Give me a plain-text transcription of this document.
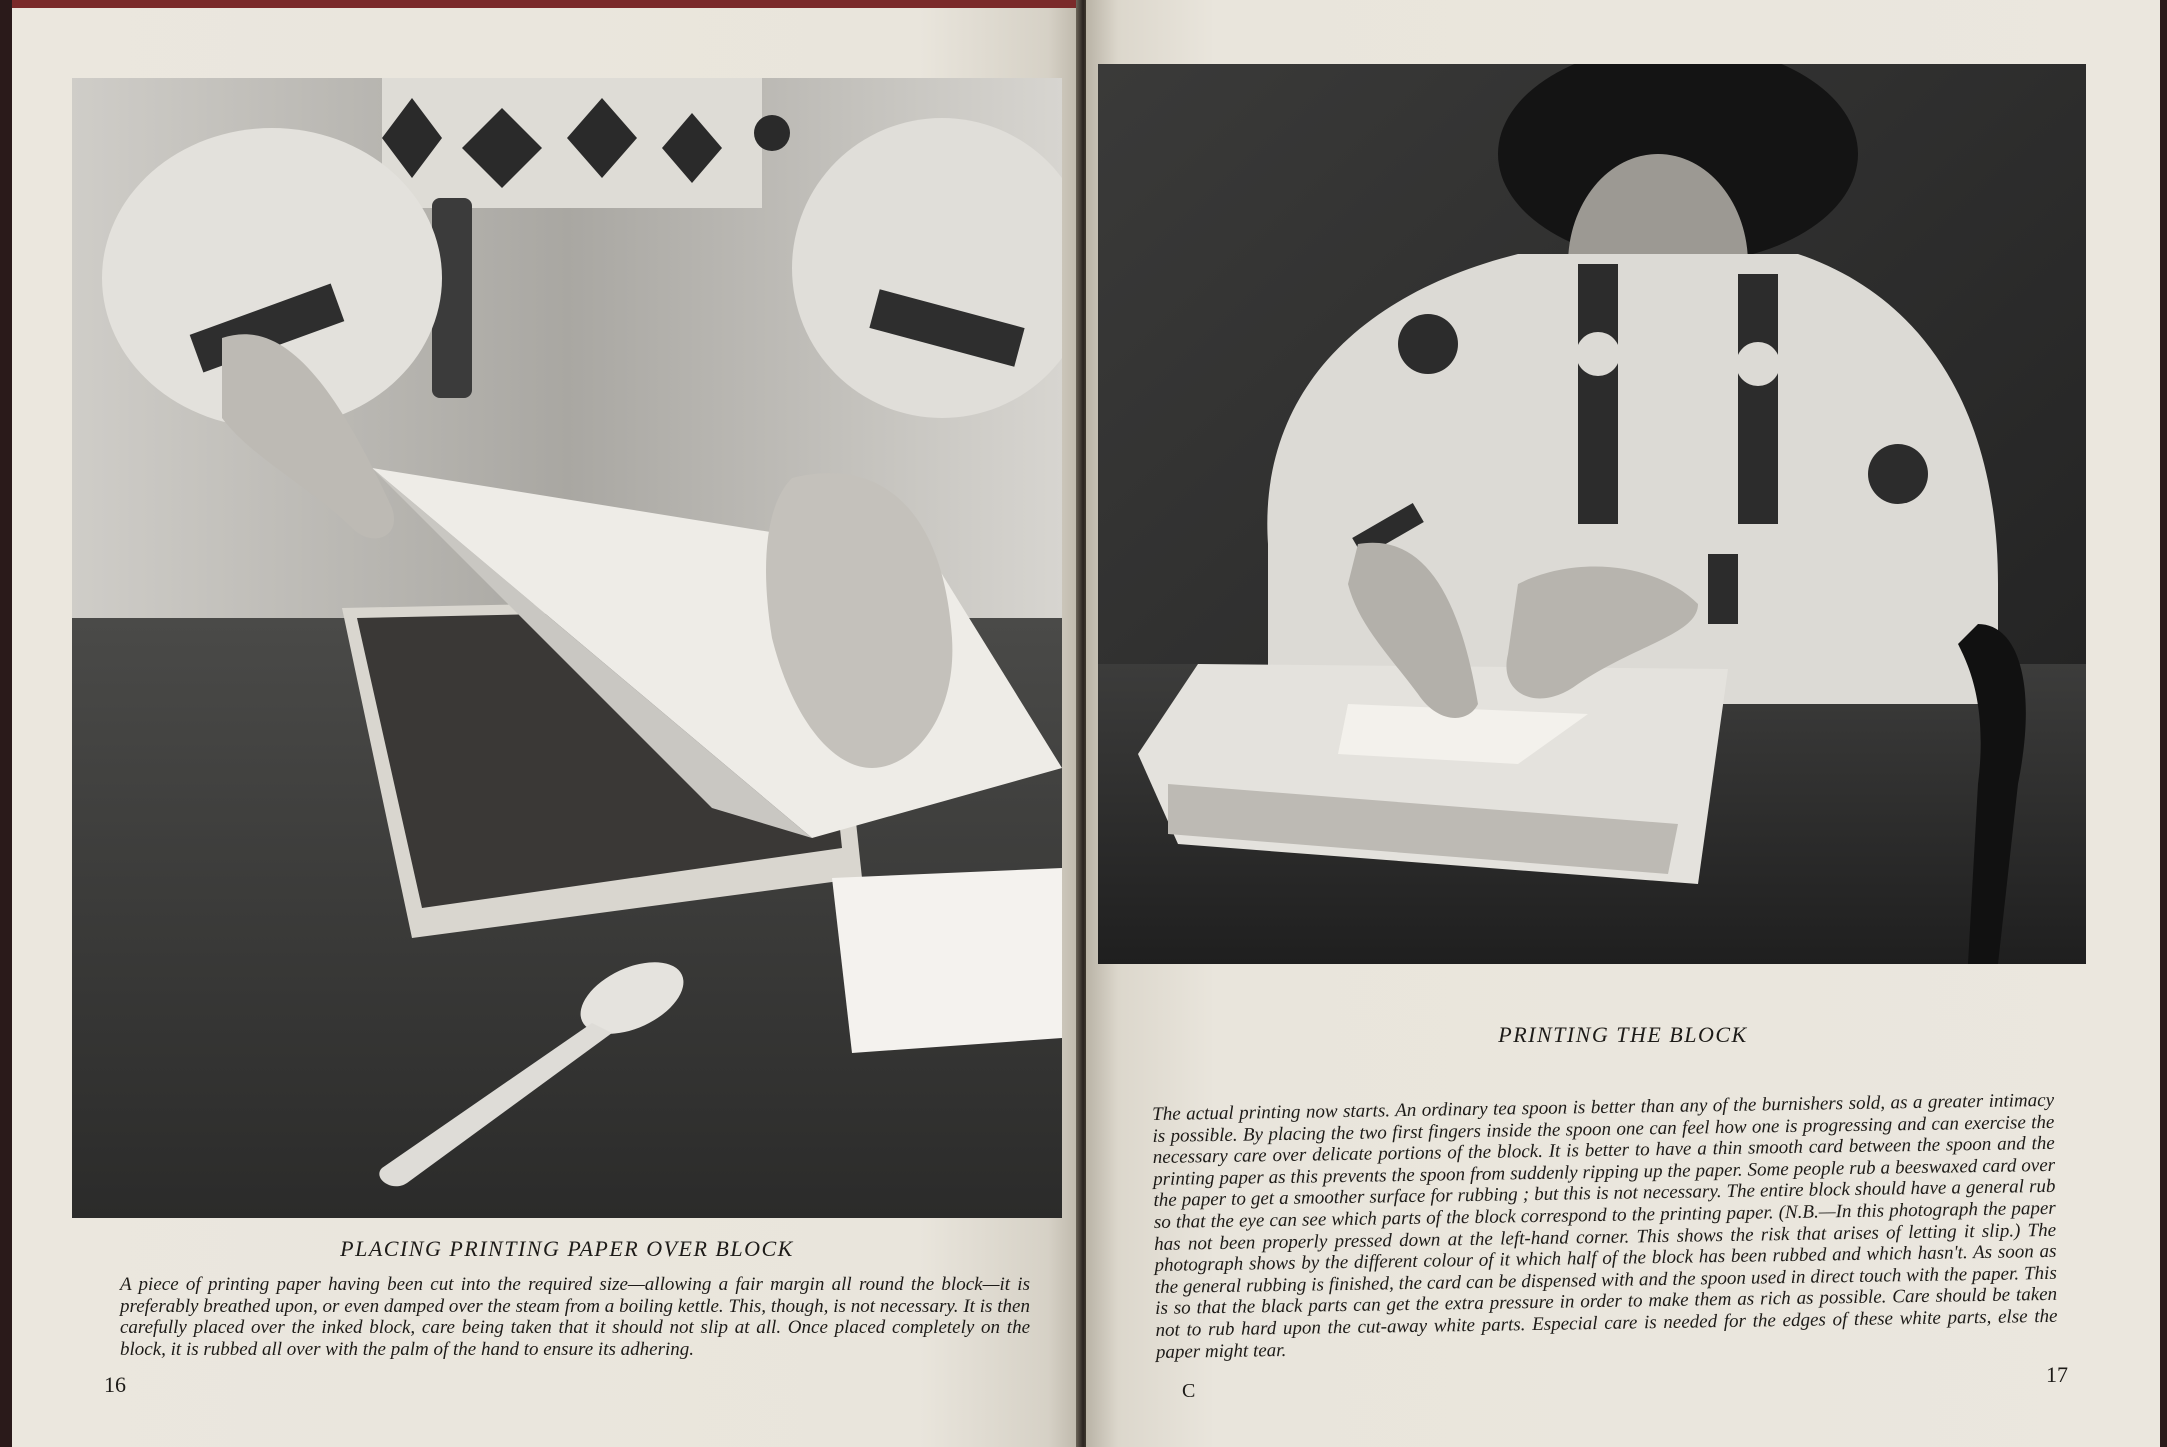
PLACING PRINTING PAPER OVER BLOCK
A piece of printing paper having been cut into the required size—allowing a fair margin all round the block—it is preferably breathed upon, or even damped over the steam from a boiling kettle. This, though, is not necessary. It is then carefully placed over the inked block, care being taken that it should not slip at all. Once placed completely on the block, it is rubbed all over with the palm of the hand to ensure its adhering.
16
PRINTING THE BLOCK
The actual printing now starts. An ordinary tea spoon is better than any of the burnishers sold, as a greater intimacy is possible. By placing the two first fingers inside the spoon one can feel how one is progressing and can exercise the necessary care over delicate portions of the block. It is better to have a thin smooth card between the spoon and the printing paper as this prevents the spoon from suddenly ripping up the paper. Some people rub a beeswaxed card over the paper to get a smoother surface for rubbing ; but this is not necessary. The entire block should have a general rub so that the eye can see which parts of the block correspond to the printing paper. (N.B.—In this photograph the paper has not been properly pressed down at the left-hand corner. This shows the risk that arises of letting it slip.) The photograph shows by the different colour of it which half of the block has been rubbed and which hasn't. As soon as the general rubbing is finished, the card can be dispensed with and the spoon used in direct touch with the paper. This is so that the black parts can get the extra pressure in order to make them as rich as possible. Care should be taken not to rub hard upon the cut-away white parts. Especial care is needed for the edges of these white parts, else the paper might tear.
C
17
